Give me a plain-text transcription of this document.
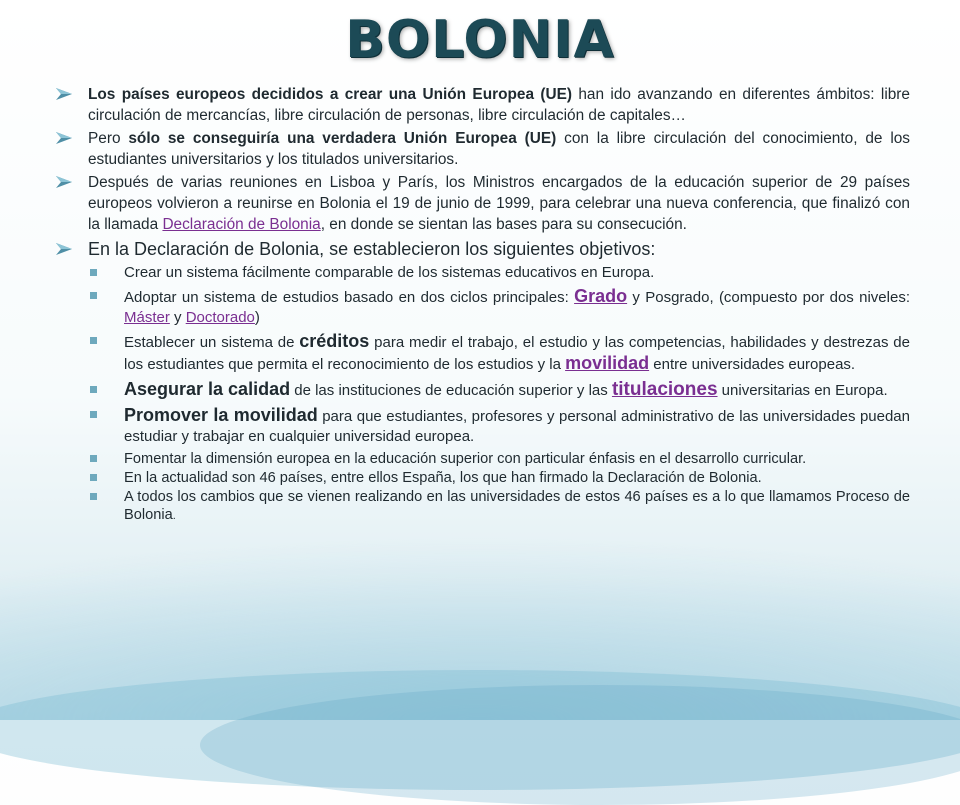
BOLONIA
Los países europeos decididos a crear una Unión Europea (UE) han ido avanzando en diferentes ámbitos: libre circulación de mercancías, libre circulación de personas, libre circulación de capitales…
Pero sólo se conseguiría una verdadera Unión Europea (UE) con la libre circulación del conocimiento, de los estudiantes universitarios y los titulados universitarios.
Después de varias reuniones en Lisboa y París, los Ministros encargados de la educación superior de 29 países europeos volvieron a reunirse en Bolonia el 19 de junio de 1999, para celebrar una nueva conferencia, que finalizó con la llamada Declaración de Bolonia, en donde se sientan las bases para su consecución.
En la Declaración de Bolonia, se establecieron los siguientes objetivos:
Crear un sistema fácilmente comparable de los sistemas educativos en Europa.
Adoptar un sistema de estudios basado en dos ciclos principales: Grado y Posgrado, (compuesto por dos niveles: Máster y Doctorado)
Establecer un sistema de créditos para medir el trabajo, el estudio y las competencias, habilidades y destrezas de los estudiantes que permita el reconocimiento de los estudios y la movilidad entre universidades europeas.
Asegurar la calidad de las instituciones de educación superior y las titulaciones universitarias en Europa.
Promover la movilidad para que estudiantes, profesores y personal administrativo de las universidades puedan estudiar y trabajar en cualquier universidad europea.
Fomentar la dimensión europea en la educación superior con particular énfasis en el desarrollo curricular.
En la actualidad son 46 países, entre ellos España, los que han firmado la Declaración de Bolonia.
A todos los cambios que se vienen realizando en las universidades de estos 46 países es a lo que llamamos Proceso de Bolonia.
